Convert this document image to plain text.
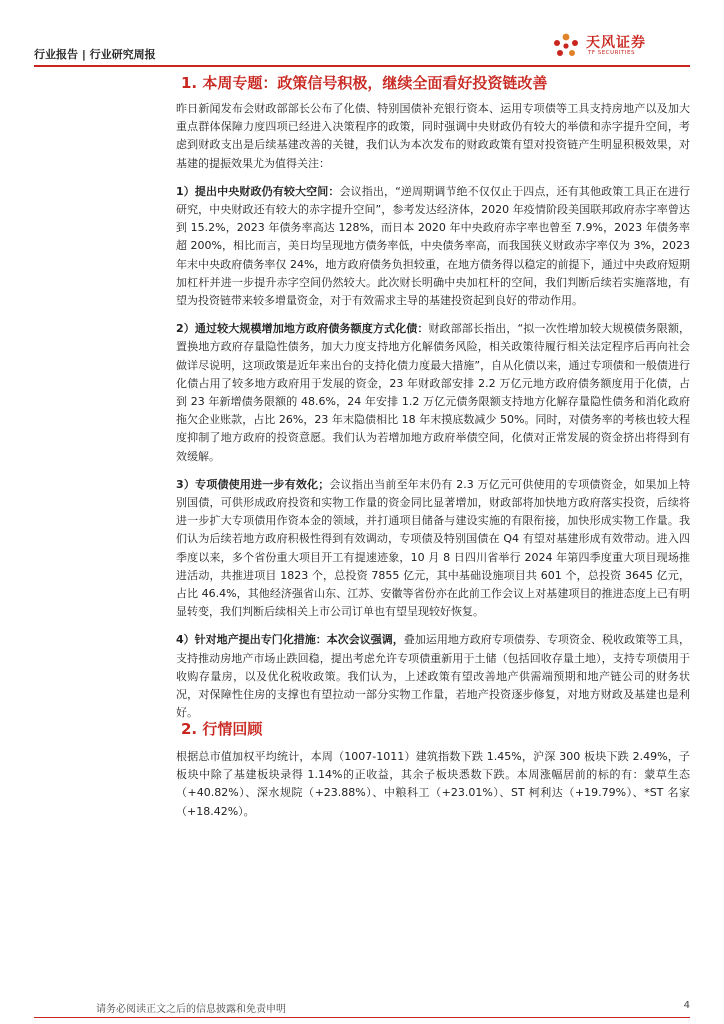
行业报告 | 行业研究周报
天风证券
TF SECURITIES
1. 本周专题：政策信号积极，继续全面看好投资链改善

昨日新闻发布会财政部部长公布了化债、特别国债补充银行资本、运用专项债等工具支持房地产以及加大重点群体保障力度四项已经进入决策程序的政策，同时强调中央财政仍有较大的举债和赤字提升空间，考虑到财政支出是后续基建改善的关键，我们认为本次发布的财政政策有望对投资链产生明显积极效果，对基建的提振效果尤为值得关注：

1）提出中央财政仍有较大空间：会议指出，“逆周期调节绝不仅仅止于四点，还有其他政策工具正在进行研究，中央财政还有较大的赤字提升空间”，参考发达经济体，2020 年疫情阶段美国联邦政府赤字率曾达到 15.2%，2023 年债务率高达 128%，而日本 2020 年中央政府赤字率也曾至 7.9%，2023 年债务率超 200%，相比而言，美日均呈现地方债务率低，中央债务率高，而我国狭义财政赤字率仅为 3%，2023 年末中央政府债务率仅 24%，地方政府债务负担较重，在地方债务得以稳定的前提下，通过中央政府短期加杠杆并进一步提升赤字空间仍然较大。此次财长明确中央加杠杆的空间，我们判断后续若实施落地，有望为投资链带来较多增量资金，对于有效需求主导的基建投资起到良好的带动作用。

2）通过较大规模增加地方政府债务额度方式化债：财政部部长指出，“拟一次性增加较大规模债务限额，置换地方政府存量隐性债务，加大力度支持地方化解债务风险，相关政策待履行相关法定程序后再向社会做详尽说明，这项政策是近年来出台的支持化债力度最大措施”，自从化债以来，通过专项债和一般债进行化债占用了较多地方政府用于发展的资金，23 年财政部安排 2.2 万亿元地方政府债务额度用于化债，占到 23 年新增债务限额的 48.6%，24 年安排 1.2 万亿元债务限额支持地方化解存量隐性债务和消化政府拖欠企业账款，占比 26%，23 年末隐债相比 18 年末摸底数减少 50%。同时，对债务率的考核也较大程度抑制了地方政府的投资意愿。我们认为若增加地方政府举债空间，化债对正常发展的资金挤出将得到有效缓解。

3）专项债使用进一步有效化；会议指出当前至年末仍有 2.3 万亿元可供使用的专项债资金，如果加上特别国债，可供形成政府投资和实物工作量的资金同比显著增加，财政部将加快地方政府落实投资，后续将进一步扩大专项债用作资本金的领域，并打通项目储备与建设实施的有限衔接，加快形成实物工作量。我们认为后续若地方政府积极性得到有效调动，专项债及特别国债在 Q4 有望对基建形成有效带动。进入四季度以来，多个省份重大项目开工有提速迹象，10 月 8 日四川省举行 2024 年第四季度重大项目现场推进活动，共推进项目 1823 个，总投资 7855 亿元，其中基础设施项目共 601 个，总投资 3645 亿元，占比 46.4%，其他经济强省山东、江苏、安徽等省份亦在此前工作会议上对基建项目的推进态度上已有明显转变，我们判断后续相关上市公司订单也有望呈现较好恢复。

4）针对地产提出专门化措施：本次会议强调，叠加运用地方政府专项债券、专项资金、税收政策等工具，支持推动房地产市场止跌回稳，提出考虑允许专项债重新用于土储（包括回收存量土地），支持专项债用于收购存量房，以及优化税收政策。我们认为，上述政策有望改善地产供需端预期和地产链公司的财务状况，对保障性住房的支撑也有望拉动一部分实物工作量，若地产投资逐步修复，对地方财政及基建也是利好。

2. 行情回顾

根据总市值加权平均统计，本周（1007-1011）建筑指数下跌 1.45%，沪深 300 板块下跌 2.49%，子板块中除了基建板块录得 1.14%的正收益，其余子板块悉数下跌。本周涨幅居前的标的有：蒙草生态（+40.82%）、深水规院（+23.88%）、中粮科工（+23.01%）、ST 柯利达（+19.79%）、*ST 名家（+18.42%）。

请务必阅读正文之后的信息披露和免责申明	4
